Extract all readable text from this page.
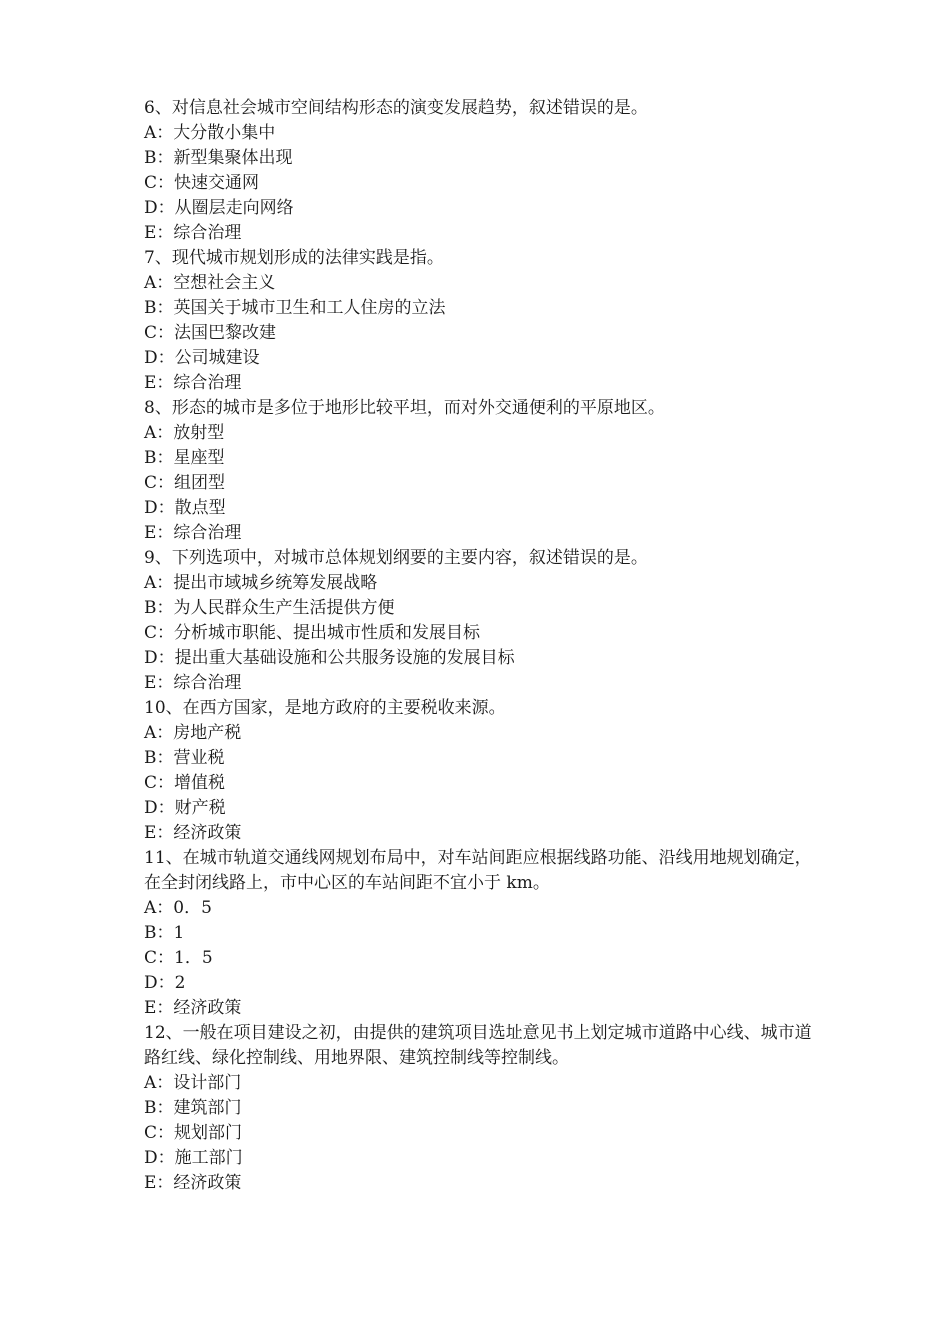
6、对信息社会城市空间结构形态的演变发展趋势，叙述错误的是。
A：大分散小集中
B：新型集聚体出现
C：快速交通网
D：从圈层走向网络
E：综合治理
7、现代城市规划形成的法律实践是指。
A：空想社会主义
B：英国关于城市卫生和工人住房的立法
C：法国巴黎改建
D：公司城建设
E：综合治理
8、形态的城市是多位于地形比较平坦，而对外交通便利的平原地区。
A：放射型
B：星座型
C：组团型
D：散点型
E：综合治理
9、下列选项中，对城市总体规划纲要的主要内容，叙述错误的是。
A：提出市域城乡统筹发展战略
B：为人民群众生产生活提供方便
C：分析城市职能、提出城市性质和发展目标
D：提出重大基础设施和公共服务设施的发展目标
E：综合治理
10、在西方国家，是地方政府的主要税收来源。
A：房地产税
B：营业税
C：增值税
D：财产税
E：经济政策
11、在城市轨道交通线网规划布局中，对车站间距应根据线路功能、沿线用地规划确定，在全封闭线路上，市中心区的车站间距不宜小于 km。
A：0．5
B：1
C：1．5
D：2
E：经济政策
12、一般在项目建设之初，由提供的建筑项目选址意见书上划定城市道路中心线、城市道路红线、绿化控制线、用地界限、建筑控制线等控制线。
A：设计部门
B：建筑部门
C：规划部门
D：施工部门
E：经济政策
